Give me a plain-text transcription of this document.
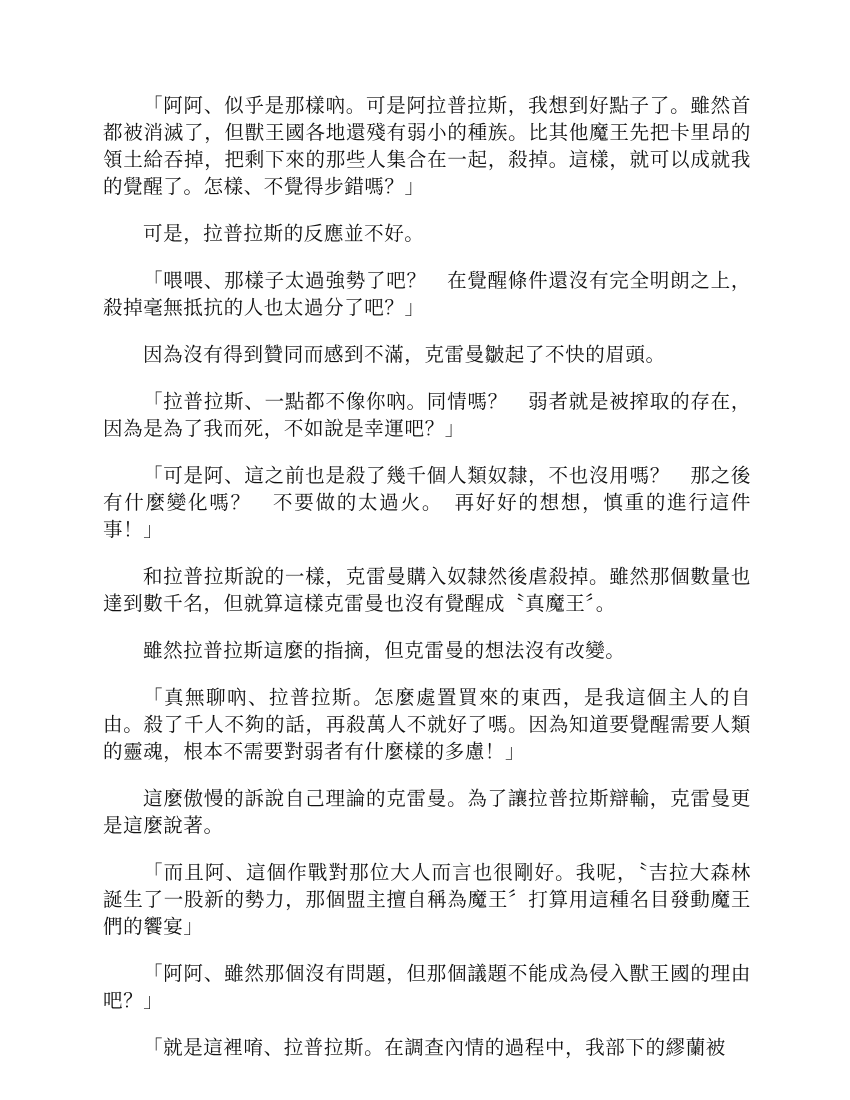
「阿阿、似乎是那樣吶。可是阿拉普拉斯，我想到好點子了。雖然首都被消滅了，但獸王國各地還殘有弱小的種族。比其他魔王先把卡里昂的領土給吞掉，把剩下來的那些人集合在一起，殺掉。這樣，就可以成就我的覺醒了。怎樣、不覺得步錯嗎？」

可是，拉普拉斯的反應並不好。

「喂喂、那樣子太過強勢了吧？　在覺醒條件還沒有完全明朗之上，殺掉毫無抵抗的人也太過分了吧？」

因為沒有得到贊同而感到不滿，克雷曼皺起了不快的眉頭。

「拉普拉斯、一點都不像你吶。同情嗎？　弱者就是被搾取的存在，因為是為了我而死，不如說是幸運吧？」

「可是阿、這之前也是殺了幾千個人類奴隸，不也沒用嗎？　那之後有什麼變化嗎？　不要做的太過火。　再好好的想想，慎重的進行這件事！」

和拉普拉斯說的一樣，克雷曼購入奴隸然後虐殺掉。雖然那個數量也達到數千名，但就算這樣克雷曼也沒有覺醒成〝真魔王〞。

雖然拉普拉斯這麼的指摘，但克雷曼的想法沒有改變。

「真無聊吶、拉普拉斯。怎麼處置買來的東西，是我這個主人的自由。殺了千人不夠的話，再殺萬人不就好了嗎。因為知道要覺醒需要人類的靈魂，根本不需要對弱者有什麼樣的多慮！」

這麼傲慢的訴說自己理論的克雷曼。為了讓拉普拉斯辯輸，克雷曼更是這麼說著。

「而且阿、這個作戰對那位大人而言也很剛好。我呢，〝吉拉大森林誕生了一股新的勢力，那個盟主擅自稱為魔王〞打算用這種名目發動魔王們的饗宴」

「阿阿、雖然那個沒有問題，但那個議題不能成為侵入獸王國的理由吧？」

「就是這裡唷、拉普拉斯。在調查內情的過程中，我部下的繆蘭被
